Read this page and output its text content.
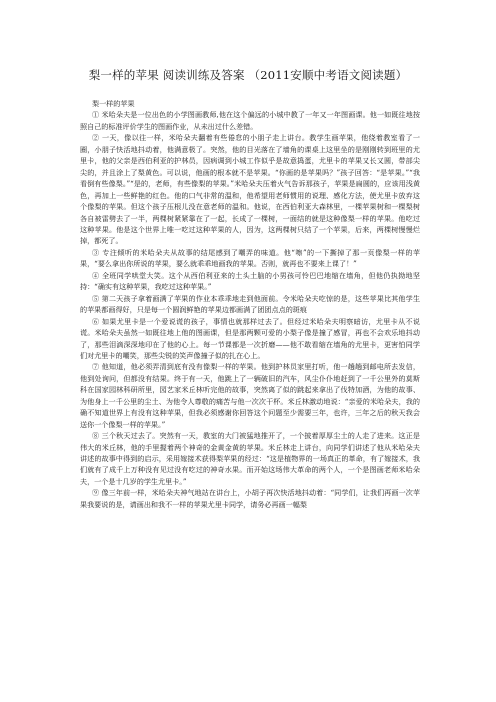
梨一样的苹果 阅读训练及答案 （2011安顺中考语文阅读题）
梨一样的苹果

① 米哈朵夫是一位出色的小学图画教师,他在这个偏远的小城中教了一年又一年图画课。他一如既往地按照自己的标准评价学生的图画作业，从未出过什么差错。

② 一天，像以往一样，米哈朵夫翻着有些倦怠的小朋子走上讲台。教学生画苹果，他绕着教室看了一圈，小朋子快活地抖动着，他满意极了。突然，他的目光落在了墙角的课桌上这里坐的是刚刚转到班里的尤里卡，他的父亲是西伯利亚的护林员，因病调到小城工作似乎是故意捣蛋，尤里卡的苹果又长又圆，带部尖尖的，并且涂上了梨黄色。可以说，他画的根本就不是苹果。“你画的是苹果吗？”孩子回答：“是苹果。”“我看倒有些像梨。”“是的，老师，有些像梨的苹果。”米哈朵夫压着火气告诉那孩子，苹果是扁圆的，应该用浅黄色，再加上一些鲜艳的红色。他的口气非常的温和，他希望用老师惯用的说理、感化方法，使尤里卡放弃这个像梨的苹果。但这个孩子压根儿没在意老师的温和。他说，在西伯利亚大森林里，一棵苹果树和一棵梨树各自被雷劈去了一半，两棵树紧紧靠在了一起，长成了一棵树，一面结的就是这种像梨一样的苹果。他吃过这种苹果。他是这个世界上唯一吃过这种苹果的人，因为，这两棵树只结了一个苹果，后来，两棵树慢慢烂掉，都死了。

③ 专注倾听的米哈朵夫从故事的结尾感到了嘲弄的味道。他“嚓”的一下撕掉了那一页像梨一样的苹果，“要么拿出你所说的苹果，要么就乖乖地画我的苹果。否则，就再也不要来上课了！”

④ 全班同学哄堂大笑。这个从西伯利亚来的土头土脑的小男孩可怜巴巴地缩在墙角，但他仍执拗地坚持：“确实有这种苹果，我吃过这种苹果。”

⑤ 第二天孩子拿着画满了苹果的作业本乖乖地走到他面前。令米哈朵夫吃惊的是，这些苹果比其他学生的苹果都画得好，只是每一个圆润鲜艳的苹果边都画满了团团点点的斑痕

⑥ 如果尤里卡是一个爱说谎的孩子，事情也就那样过去了。但经过米哈朵夫明察暗访，尤里卡从不说谎。米哈朵夫虽然一如既往地上他的图画课，但是那两颗可爱的小梨子像是撞了感冒，再也不会欢乐地抖动了，那些泪滴深深地印在了他的心上。每一节课都是一次折磨——他不敢看缩在墙角的尤里卡，更害怕同学们对尤里卡的嘲笑，那些尖锐的笑声像撞子似的扎在心上。

⑦ 他知道，他必须弄清到底有没有像梨一样的苹果。他到护林员家里打听，他一趟趟到邮电所去发信，他到处询问，但都没有结果。终于有一天，他跳上了一辆破旧的汽车，风尘仆仆地赶到了一千公里外的莫斯科在国家园林科研所里，园艺家米丘林听完他的故事，突然离了似的跳起来拿出了伐特加酒，为他的故事、为他身上一千公里的尘土、为他令人尊敬的痛苦与他一次次干杯。米丘林激动地说：“亲爱的米哈朵夫，我的确不知道世界上有没有这种苹果，但我必须感谢你回答这个问题至少需要三年，也许，三年之后的秋天我会送你一个像梨一样的苹果。”

⑧ 三个秋天过去了。突然有一天，教室的大门被猛地推开了，一个披着厚厚尘土的人走了进来。这正是伟大的米丘林，他的手里握着两个神奇的金黄金黄的苹果。米丘林走上讲台，向同学们讲述了他从米哈朵夫讲述的故事中得到的启示，采用嫁接术获得梨苹果的经过：“这是植物界的一场真正的革命，有了嫁接术，我们就有了成千上万种没有见过没有吃过的神奇水果。而开始这场伟大革命的两个人，一个是图画老师米哈朵夫，一个是十几岁的学生尤里卡。”

⑨ 像三年前一样，米哈朵夫神气地站在讲台上，小胡子再次快活地抖动着：“同学们，让我们再画一次苹果我要说的是，请画出和我不一样的苹果尤里卡同学，请务必再画一幅梨
